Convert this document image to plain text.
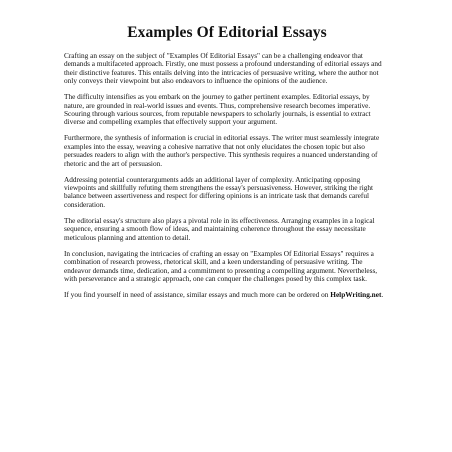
Examples Of Editorial Essays

Crafting an essay on the subject of "Examples Of Editorial Essays" can be a challenging endeavor that demands a multifaceted approach. Firstly, one must possess a profound understanding of editorial essays and their distinctive features. This entails delving into the intricacies of persuasive writing, where the author not only conveys their viewpoint but also endeavors to influence the opinions of the audience.

The difficulty intensifies as you embark on the journey to gather pertinent examples. Editorial essays, by nature, are grounded in real-world issues and events. Thus, comprehensive research becomes imperative. Scouring through various sources, from reputable newspapers to scholarly journals, is essential to extract diverse and compelling examples that effectively support your argument.

Furthermore, the synthesis of information is crucial in editorial essays. The writer must seamlessly integrate examples into the essay, weaving a cohesive narrative that not only elucidates the chosen topic but also persuades readers to align with the author's perspective. This synthesis requires a nuanced understanding of rhetoric and the art of persuasion.

Addressing potential counterarguments adds an additional layer of complexity. Anticipating opposing viewpoints and skillfully refuting them strengthens the essay's persuasiveness. However, striking the right balance between assertiveness and respect for differing opinions is an intricate task that demands careful consideration.

The editorial essay's structure also plays a pivotal role in its effectiveness. Arranging examples in a logical sequence, ensuring a smooth flow of ideas, and maintaining coherence throughout the essay necessitate meticulous planning and attention to detail.

In conclusion, navigating the intricacies of crafting an essay on "Examples Of Editorial Essays" requires a combination of research prowess, rhetorical skill, and a keen understanding of persuasive writing. The endeavor demands time, dedication, and a commitment to presenting a compelling argument. Nevertheless, with perseverance and a strategic approach, one can conquer the challenges posed by this complex task.

If you find yourself in need of assistance, similar essays and much more can be ordered on HelpWriting.net.
